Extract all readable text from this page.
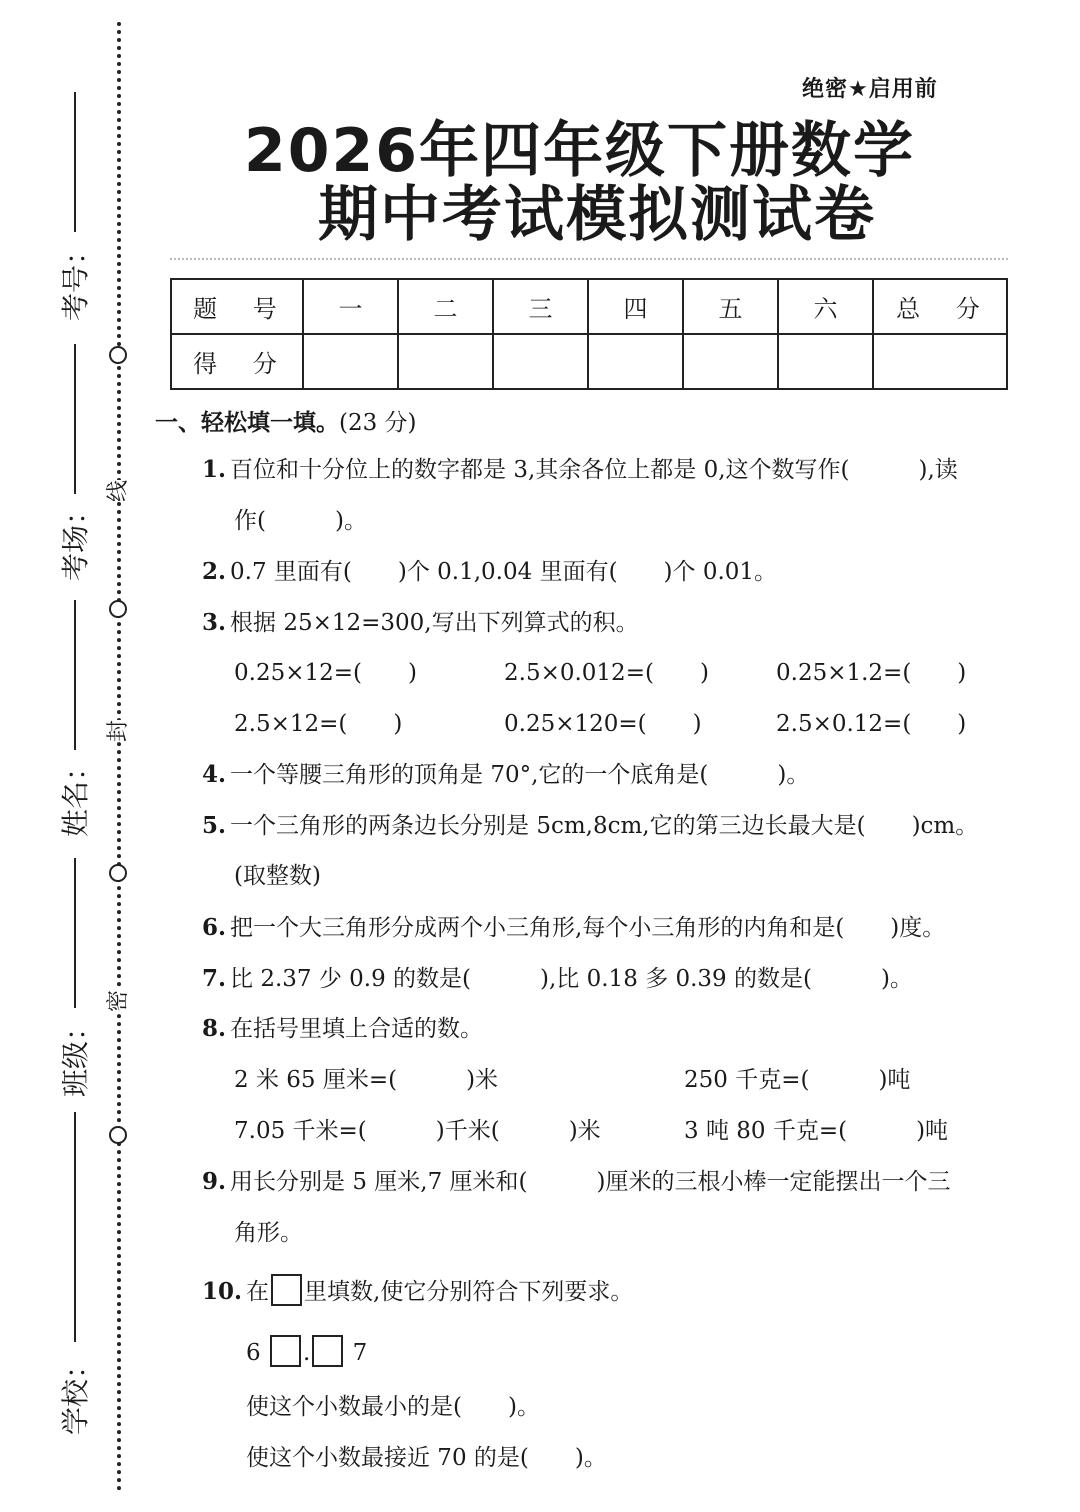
线
封
密
考号：
考场：
姓名：
班级：
学校：
绝密★启用前
2026年四年级下册数学
期中考试模拟测试卷
题 号	一	二	三	四	五	六	总 分
得 分							
一、轻松填一填。(23 分)
1. 百位和十分位上的数字都是 3,其余各位上都是 0,这个数写作(　　　),读
作(　　　)。
2. 0.7 里面有(　　)个 0.1,0.04 里面有(　　)个 0.01。
3. 根据 25×12=300,写出下列算式的积。
0.25×12=(　　)	2.5×0.012=(　　)	0.25×1.2=(　　)
2.5×12=(　　)	0.25×120=(　　)	2.5×0.12=(　　)
4. 一个等腰三角形的顶角是 70°,它的一个底角是(　　　)。
5. 一个三角形的两条边长分别是 5cm,8cm,它的第三边长最大是(　　)cm。
(取整数)
6. 把一个大三角形分成两个小三角形,每个小三角形的内角和是(　　)度。
7. 比 2.37 少 0.9 的数是(　　　),比 0.18 多 0.39 的数是(　　　)。
8. 在括号里填上合适的数。
2 米 65 厘米=(　　　)米	250 千克=(　　　)吨
7.05 千米=(　　　)千米(　　　)米	3 吨 80 千克=(　　　)吨
9. 用长分别是 5 厘米,7 厘米和(　　　)厘米的三根小棒一定能摆出一个三
角形。
10. 在 里填数,使它分别符合下列要求。
6 . 7
使这个小数最小的是(　　)。
使这个小数最接近 70 的是(　　)。
